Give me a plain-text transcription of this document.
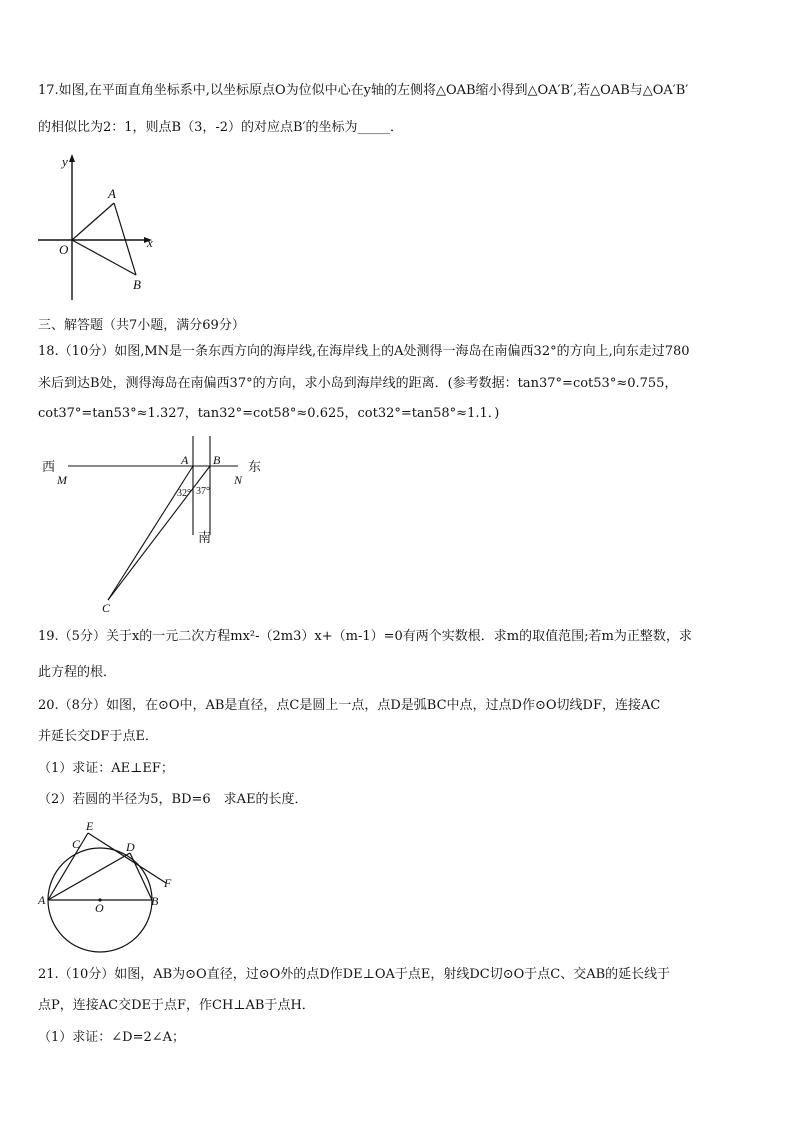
17.如图,在平面直角坐标系中,以坐标原点O为位似中心在y轴的左侧将△OAB缩小得到△OA′B′,若△OAB与△OA′B′
的相似比为2：1，则点B（3，-2）的对应点B′的坐标为_____．
y
x
O
A
B
三、解答题（共7小题，满分69分）
18.（10分）如图,MN是一条东西方向的海岸线,在海岸线上的A处测得一海岛在南偏西32°的方向上,向东走过780
米后到达B处，测得海岛在南偏西37°的方向，求小岛到海岸线的距离．(参考数据：tan37°=cot53°≈0.755，
cot37°=tan53°≈1.327，tan32°=cot58°≈0.625，cot32°=tan58°≈1.1．)
西
M
A B 东
N
32° 37°
南
C
19.（5分）关于x的一元二次方程mx²-（2m3）x+（m-1）=0有两个实数根．求m的取值范围;若m为正整数，求
此方程的根．
20.（8分）如图，在⊙O中，AB是直径，点C是圆上一点，点D是弧BC中点，过点D作⊙O切线DF，连接AC
并延长交DF于点E．
（1）求证：AE⊥EF；
（2）若圆的半径为5，BD=6　求AE的长度．
E
C	D
F
A
O	B
21.（10分）如图，AB为⊙O直径，过⊙O外的点D作DE⊥OA于点E，射线DC切⊙O于点C、交AB的延长线于
点P，连接AC交DE于点F，作CH⊥AB于点H．
（1）求证：∠D=2∠A；
